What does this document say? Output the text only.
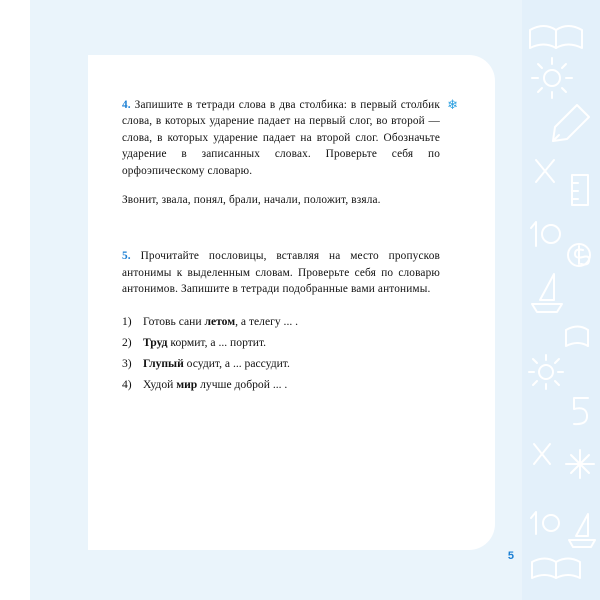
4. Запишите в тетради слова в два столбика: в первый столбик слова, в которых ударение падает на первый слог, во второй — слова, в которых ударение падает на второй слог. Обозначьте ударение в записанных словах. Проверьте себя по орфоэпическому словарю.

❄

Звонит, звала, понял, брали, начали, положит, взяла.

5. Прочитайте пословицы, вставляя на место пропусков антонимы к выделенным словам. Проверьте себя по словарю антонимов. Запишите в тетради подобранные вами антонимы.

1) Готовь сани летом, а телегу ... .
2) Труд кормит, а ... портит.
3) Глупый осудит, а ... рассудит.
4) Худой мир лучше доброй ... .
5
